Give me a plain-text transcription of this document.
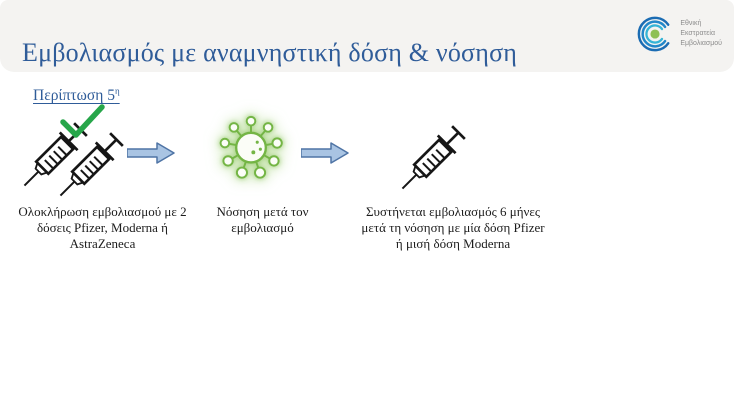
Εμβολιασμός με αναμνηστική δόση & νόσηση
Εθνική
Εκστρατεία
Εμβολιασμού
Περίπτωση $5^\eta$
Ολοκλήρωση εμβολιασμού με 2
δόσεις Pfizer, Moderna ή
AstraZeneca
Νόσηση μετά τον
εμβολιασμό
Συστήνεται εμβολιασμός 6 μήνες
μετά τη νόσηση με μία δόση Pfizer
ή μισή δόση Moderna
